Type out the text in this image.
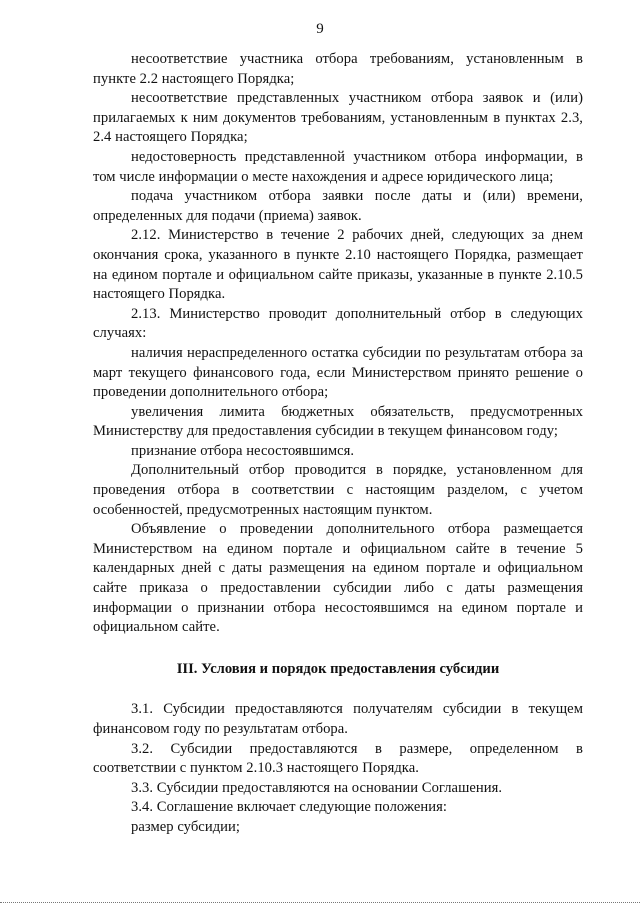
9

несоответствие участника отбора требованиям, установленным в пункте 2.2 настоящего Порядка;

несоответствие представленных участником отбора заявок и (или) прилагаемых к ним документов требованиям, установленным в пунктах 2.3, 2.4 настоящего Порядка;

недостоверность представленной участником отбора информации, в том числе информации о месте нахождения и адресе юридического лица;

подача участником отбора заявки после даты и (или) времени, определенных для подачи (приема) заявок.

2.12. Министерство в течение 2 рабочих дней, следующих за днем окончания срока, указанного в пункте 2.10 настоящего Порядка, размещает на едином портале и официальном сайте приказы, указанные в пункте 2.10.5 настоящего Порядка.

2.13. Министерство проводит дополнительный отбор в следующих случаях:

наличия нераспределенного остатка субсидии по результатам отбора за март текущего финансового года, если Министерством принято решение о проведении дополнительного отбора;

увеличения лимита бюджетных обязательств, предусмотренных Министерству для предоставления субсидии в текущем финансовом году;

признание отбора несостоявшимся.

Дополнительный отбор проводится в порядке, установленном для проведения отбора в соответствии с настоящим разделом, с учетом особенностей, предусмотренных настоящим пунктом.

Объявление о проведении дополнительного отбора размещается Министерством на едином портале и официальном сайте в течение 5 календарных дней с даты размещения на едином портале и официальном сайте приказа о предоставлении субсидии либо с даты размещения информации о признании отбора несостоявшимся на едином портале и официальном сайте.

III. Условия и порядок предоставления субсидии

3.1. Субсидии предоставляются получателям субсидии в текущем финансовом году по результатам отбора.

3.2. Субсидии предоставляются в размере, определенном в соответствии с пунктом 2.10.3 настоящего Порядка.

3.3. Субсидии предоставляются на основании Соглашения.

3.4. Соглашение включает следующие положения:

размер субсидии;
